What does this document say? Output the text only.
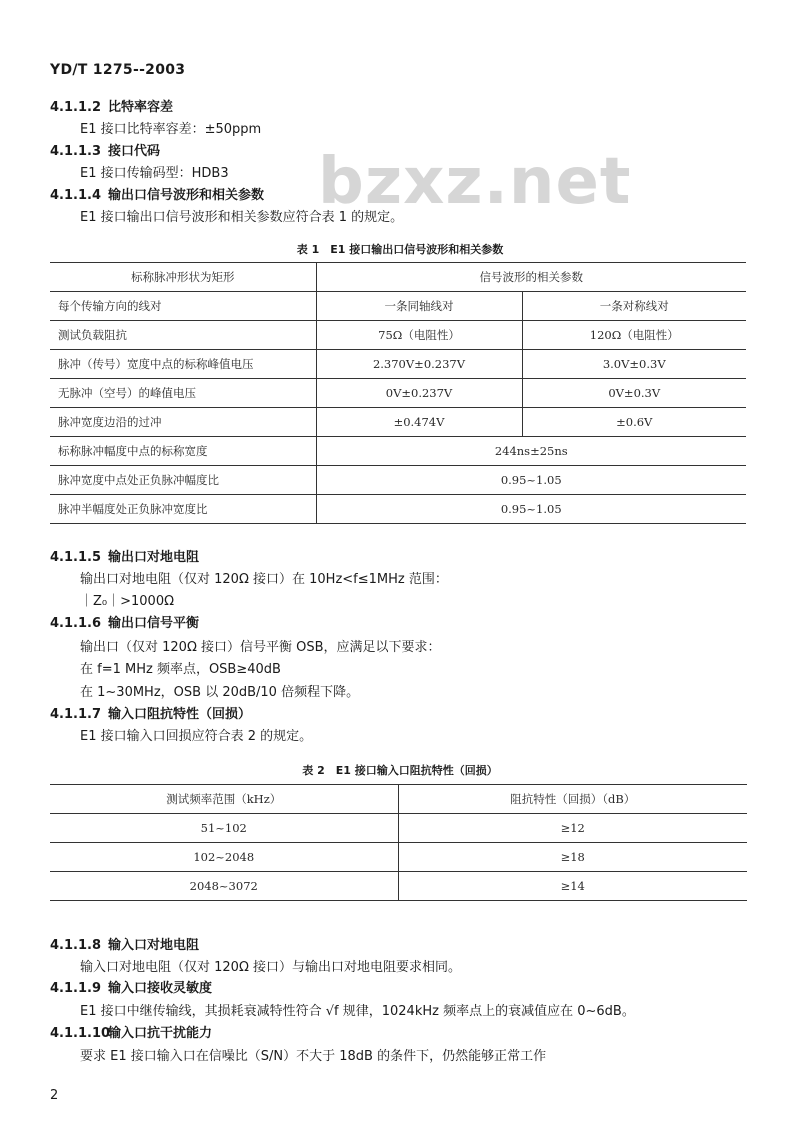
YD/T 1275--2003
bzxz.net
4.1.1.2 比特率容差
E1 接口比特率容差：±50ppm
4.1.1.3 接口代码
E1 接口传输码型：HDB3
4.1.1.4 输出口信号波形和相关参数
E1 接口输出口信号波形和相关参数应符合表 1 的规定。
表 1　E1 接口输出口信号波形和相关参数
标称脉冲形状为矩形	信号波形的相关参数	
每个传输方向的线对	一条同轴线对	一条对称线对
测试负载阻抗	75Ω（电阻性）	120Ω（电阻性）
脉冲（传号）宽度中点的标称峰值电压	2.370V±0.237V	3.0V±0.3V
无脉冲（空号）的峰值电压	0V±0.237V	0V±0.3V
脉冲宽度边沿的过冲	±0.474V	±0.6V
标称脉冲幅度中点的标称宽度	244ns±25ns	
脉冲宽度中点处正负脉冲幅度比	0.95~1.05	
脉冲半幅度处正负脉冲宽度比	0.95~1.05	
4.1.1.5 输出口对地电阻
输出口对地电阻（仅对 120Ω 接口）在 10Hz<f≤1MHz 范围：
｜Z₀｜>1000Ω
4.1.1.6 输出口信号平衡
输出口（仅对 120Ω 接口）信号平衡 OSB，应满足以下要求：
在 f=1 MHz 频率点，OSB≥40dB
在 1~30MHz，OSB 以 20dB/10 倍频程下降。
4.1.1.7 输入口阻抗特性（回损）
E1 接口输入口回损应符合表 2 的规定。
表 2　E1 接口输入口阻抗特性（回损）
测试频率范围（kHz）	阻抗特性（回损）（dB）
51~102	≥12
102~2048	≥18
2048~3072	≥14
4.1.1.8 输入口对地电阻
输入口对地电阻（仅对 120Ω 接口）与输出口对地电阻要求相同。
4.1.1.9 输入口接收灵敏度
E1 接口中继传输线，其损耗衰减特性符合 √f 规律，1024kHz 频率点上的衰减值应在 0~6dB。
4.1.1.10输入口抗干扰能力
要求 E1 接口输入口在信噪比（S/N）不大于 18dB 的条件下，仍然能够正常工作
2
